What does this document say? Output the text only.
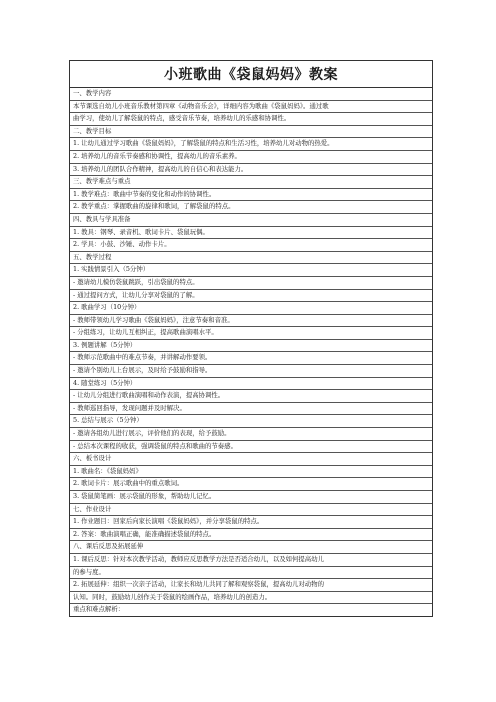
小班歌曲《袋鼠妈妈》教案
一、教学内容
本节课选自幼儿小班音乐教材第四章《动物音乐会》，详细内容为歌曲《袋鼠妈妈》。通过歌
曲学习，使幼儿了解袋鼠的特点，感受音乐节奏，培养幼儿的乐感和协调性。
二、教学目标
1. 让幼儿通过学习歌曲《袋鼠妈妈》，了解袋鼠的特点和生活习性，培养幼儿对动物的热爱。
2. 培养幼儿的音乐节奏感和协调性，提高幼儿的音乐素养。
3. 培养幼儿的团队合作精神，提高幼儿的自信心和表达能力。
三、教学难点与重点
1. 教学难点：歌曲中节奏的变化和动作的协调性。
2. 教学重点：掌握歌曲的旋律和歌词，了解袋鼠的特点。
四、教具与学具准备
1. 教具：钢琴、录音机、歌词卡片、袋鼠玩偶。
2. 学具：小鼓、沙锤、动作卡片。
五、教学过程
1. 实践情景引入（5分钟）
- 邀请幼儿模仿袋鼠跳跃，引出袋鼠的特点。
- 通过提问方式，让幼儿分享对袋鼠的了解。
2. 歌曲学习（10分钟）
- 教师带领幼儿学习歌曲《袋鼠妈妈》，注意节奏和音准。
- 分组练习，让幼儿互相纠正，提高歌曲演唱水平。
3. 例题讲解（5分钟）
- 教师示范歌曲中的难点节奏，并讲解动作要领。
- 邀请个别幼儿上台展示，及时给予鼓励和指导。
4. 随堂练习（5分钟）
- 让幼儿分组进行歌曲演唱和动作表演，提高协调性。
- 教师巡回指导，发现问题并及时解决。
5. 总结与展示（5分钟）
- 邀请各组幼儿进行展示，评价他们的表现，给予鼓励。
- 总结本次课程的收获，强调袋鼠的特点和歌曲的节奏感。
六、板书设计
1. 歌曲名：《袋鼠妈妈》
2. 歌词卡片：展示歌曲中的重点歌词。
3. 袋鼠简笔画：展示袋鼠的形象，帮助幼儿记忆。
七、作业设计
1. 作业题目：回家后向家长演唱《袋鼠妈妈》，并分享袋鼠的特点。
2. 答案：歌曲演唱正确，能准确描述袋鼠的特点。
八、课后反思及拓展延伸
1. 课后反思：针对本次教学活动，教师应反思教学方法是否适合幼儿，以及如何提高幼儿
的参与度。
2. 拓展延伸：组织一次亲子活动，让家长和幼儿共同了解和观察袋鼠，提高幼儿对动物的
认知。同时，鼓励幼儿创作关于袋鼠的绘画作品，培养幼儿的创造力。
重点和难点解析：
